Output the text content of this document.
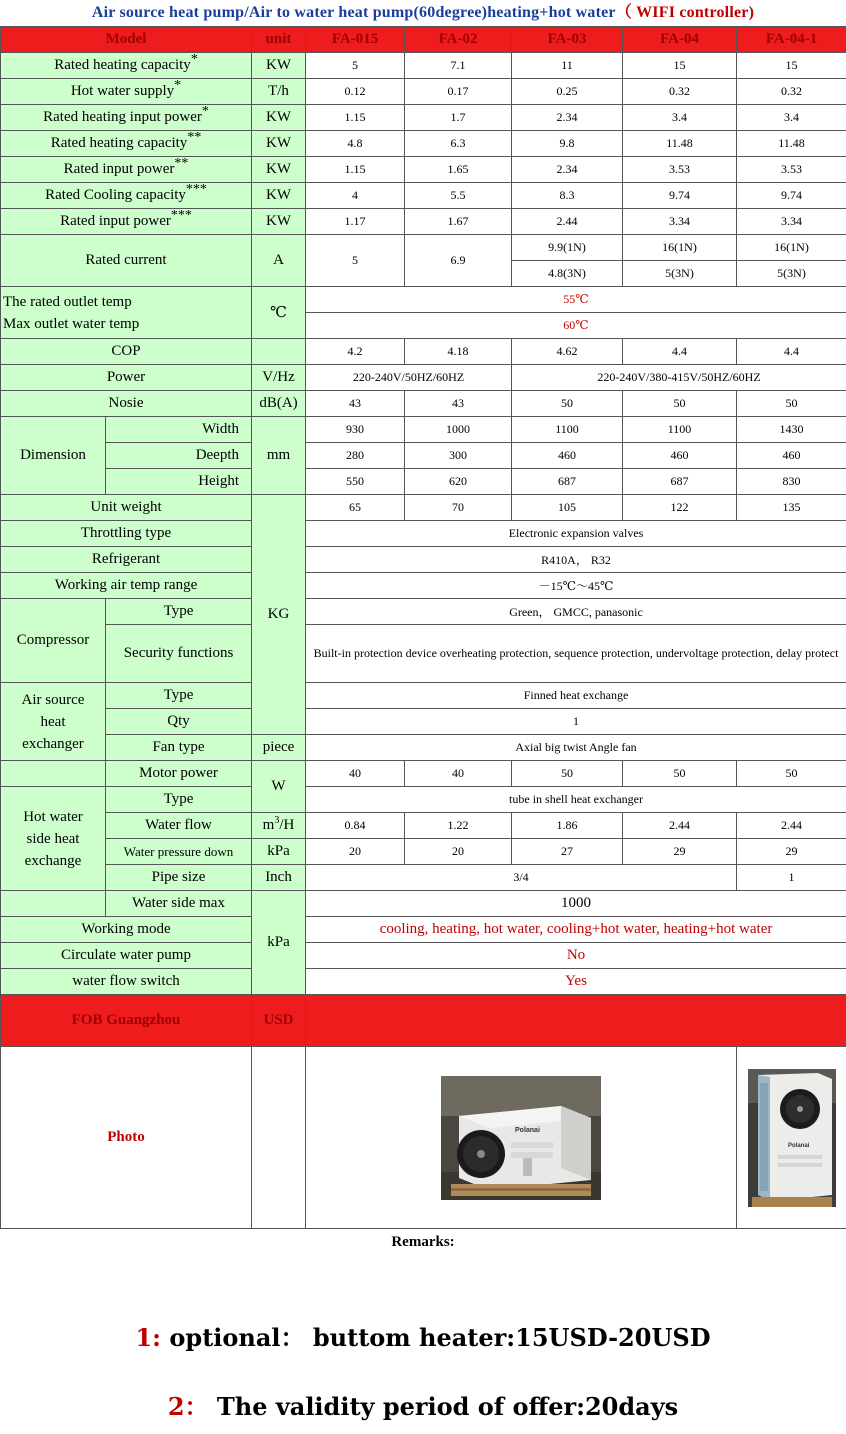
Air source heat pump/Air to water heat pump(60degree)heating+hot water（ WIFI controller)
Model		unit	FA-015	FA-02	FA-03	FA-04	FA-04-1
Rated heating capacity*		KW	5	7.1	11	15	15
Hot water supply*		T/h	0.12	0.17	0.25	0.32	0.32
Rated heating input power*		KW	1.15	1.7	2.34	3.4	3.4
Rated heating capacity**		KW	4.8	6.3	9.8	11.48	11.48
Rated input power**		KW	1.15	1.65	2.34	3.53	3.53
Rated Cooling capacity***		KW	4	5.5	8.3	9.74	9.74
Rated input power***		KW	1.17	1.67	2.44	3.34	3.34
Rated current		A	5	6.9	9.9(1N)	16(1N)	16(1N)
					4.8(3N)	5(3N)	5(3N)
The rated outlet temp
Max outlet water temp		℃	55℃				
			60℃				
COP			4.2	4.18	4.62	4.4	4.4
Power		V/Hz	220-240V/50HZ/60HZ		220-240V/380-415V/50HZ/60HZ		
Nosie		dB(A)	43	43	50	50	50
Dimension	Width	mm	930	1000	1100	1100	1430
	Deepth		280	300	460	460	460
	Height		550	620	687	687	830
Unit weight		KG	65	70	105	122	135
Throttling type			Electronic expansion valves				
Refrigerant			R410A， R32				
Working air temp range			－15℃～45℃				
Compressor	Type		Green， GMCC, panasonic				
	Security functions		Built-in protection device overheating protection, sequence protection, undervoltage protection, delay protect				
Air source
heat
exchanger	Type		Finned heat exchange				
	Qty		1				
	Fan type	piece	Axial big twist Angle fan				
	Motor power	W	40	40	50	50	50
Hot water
side heat
exchange	Type		tube in shell heat exchanger				
	Water flow	$m^3/H$	0.84	1.22	1.86	2.44	2.44
	Water pressure down	kPa	20	20	27	29	29
	Pipe size	Inch	3/4				1
	Water side max	kPa	1000				
Working mode			cooling, heating, hot water, cooling+hot water, heating+hot water				
Circulate water pump			No				
water flow switch			Yes				
FOB Guangzhou		USD					
Photo			Polanai				Polanai
Remarks:
1: optional： buttom heater:15USD-20USD
2： The validity period of offer:20days
